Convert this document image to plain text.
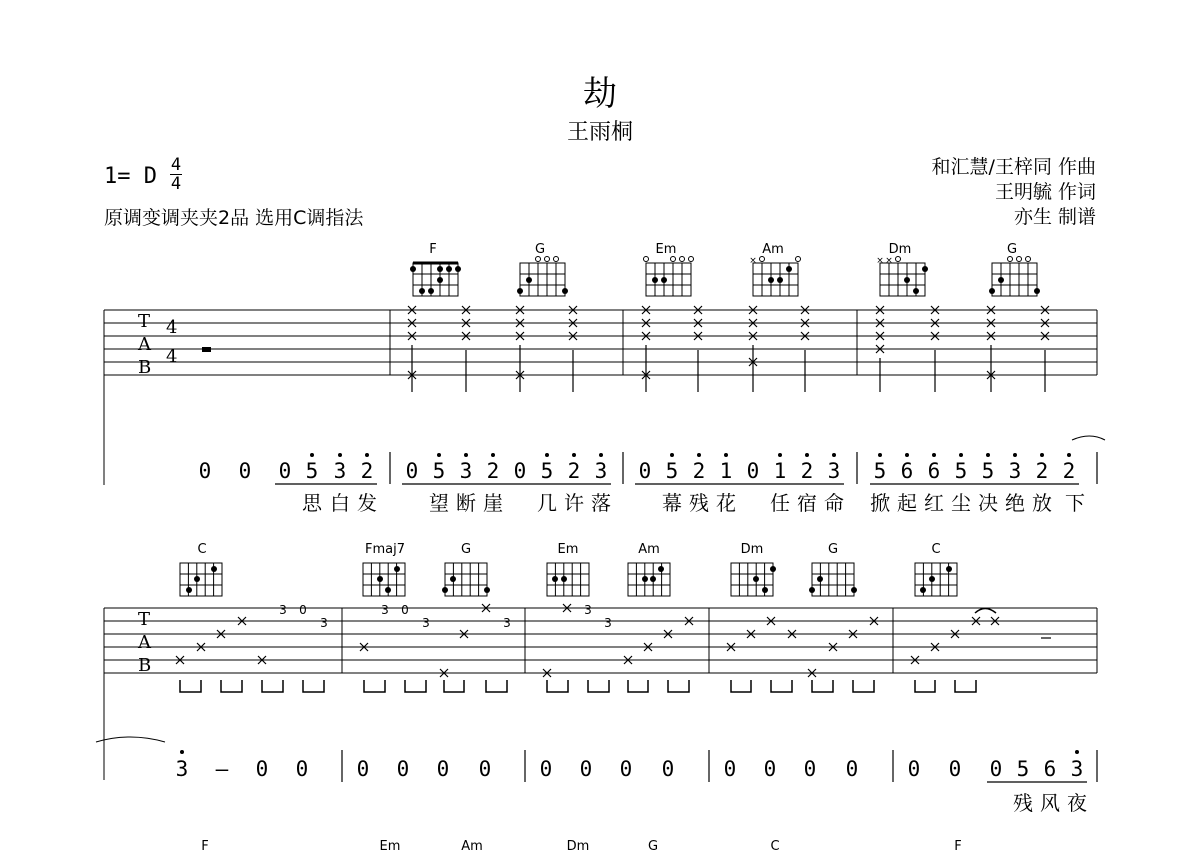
劫
王雨桐
1= D 4
4
原调变调夹夹2品 选用C调指法
和汇慧/王梓同 作曲
王明毓 作词
亦生 制谱
F	G	Em	Am	Dm	G
×	× ×
T
A
B
4
4
0 0 0 5 3 2 0 5 3 2 0 5 2 3 0 5 2 1 0 1 2 3 5 6 6 5 5 3 2 2
思 白 发	望 断 崖 几 许 落	幕 残 花 任 宿 命 掀 起 红 尘 决 绝 放 下
C	Fmaj7	G	Em	Am	Dm	G	C
T
A
B
3 0
3
3 0
3	3
3
3
3 – 0 0 0 0 0 0 0 0 0 0 0 0 0 0 0 0 0 5 6 3
残 风 夜
F	Em	Am	Dm	G	C	F
